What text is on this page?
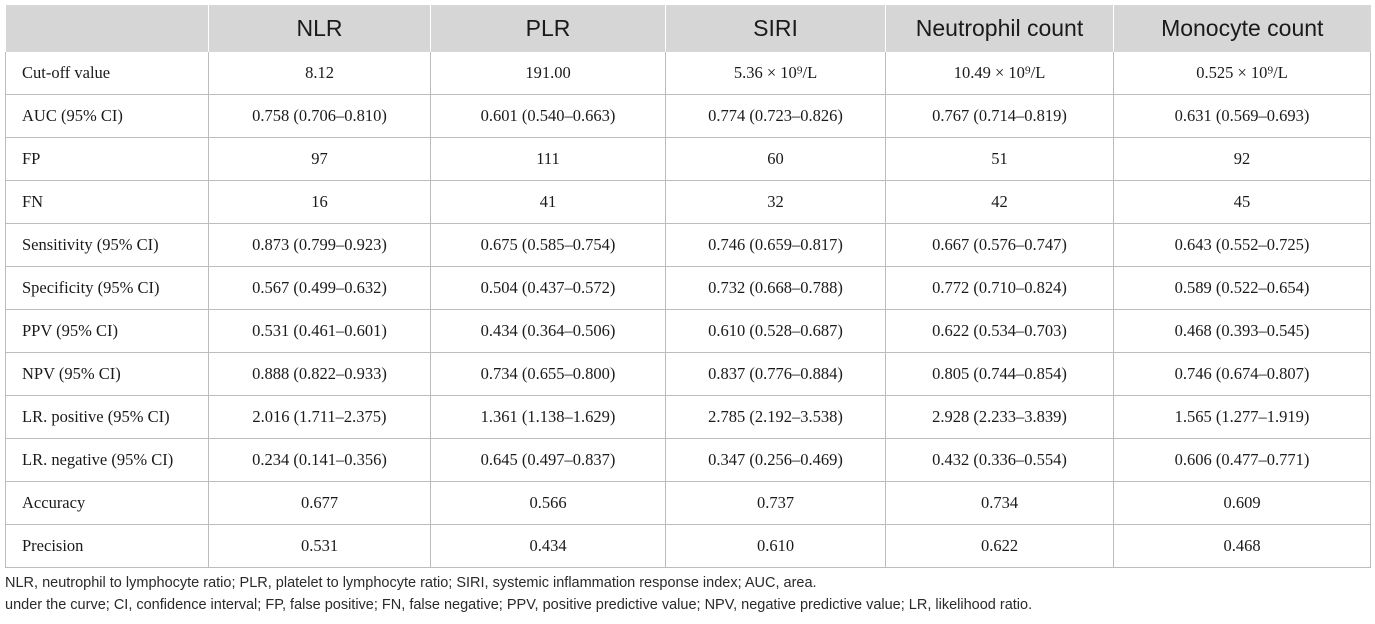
	NLR	PLR	SIRI	Neutrophil count	Monocyte count
Cut-off value	8.12	191.00	5.36 × 10⁹/L	10.49 × 10⁹/L	0.525 × 10⁹/L
AUC (95% CI)	0.758 (0.706–0.810)	0.601 (0.540–0.663)	0.774 (0.723–0.826)	0.767 (0.714–0.819)	0.631 (0.569–0.693)
FP	97	111	60	51	92
FN	16	41	32	42	45
Sensitivity (95% CI)	0.873 (0.799–0.923)	0.675 (0.585–0.754)	0.746 (0.659–0.817)	0.667 (0.576–0.747)	0.643 (0.552–0.725)
Specificity (95% CI)	0.567 (0.499–0.632)	0.504 (0.437–0.572)	0.732 (0.668–0.788)	0.772 (0.710–0.824)	0.589 (0.522–0.654)
PPV (95% CI)	0.531 (0.461–0.601)	0.434 (0.364–0.506)	0.610 (0.528–0.687)	0.622 (0.534–0.703)	0.468 (0.393–0.545)
NPV (95% CI)	0.888 (0.822–0.933)	0.734 (0.655–0.800)	0.837 (0.776–0.884)	0.805 (0.744–0.854)	0.746 (0.674–0.807)
LR. positive (95% CI)	2.016 (1.711–2.375)	1.361 (1.138–1.629)	2.785 (2.192–3.538)	2.928 (2.233–3.839)	1.565 (1.277–1.919)
LR. negative (95% CI)	0.234 (0.141–0.356)	0.645 (0.497–0.837)	0.347 (0.256–0.469)	0.432 (0.336–0.554)	0.606 (0.477–0.771)
Accuracy	0.677	0.566	0.737	0.734	0.609
Precision	0.531	0.434	0.610	0.622	0.468
NLR, neutrophil to lymphocyte ratio; PLR, platelet to lymphocyte ratio; SIRI, systemic inflammation response index; AUC, area.
under the curve; CI, confidence interval; FP, false positive; FN, false negative; PPV, positive predictive value; NPV, negative predictive value; LR, likelihood ratio.
